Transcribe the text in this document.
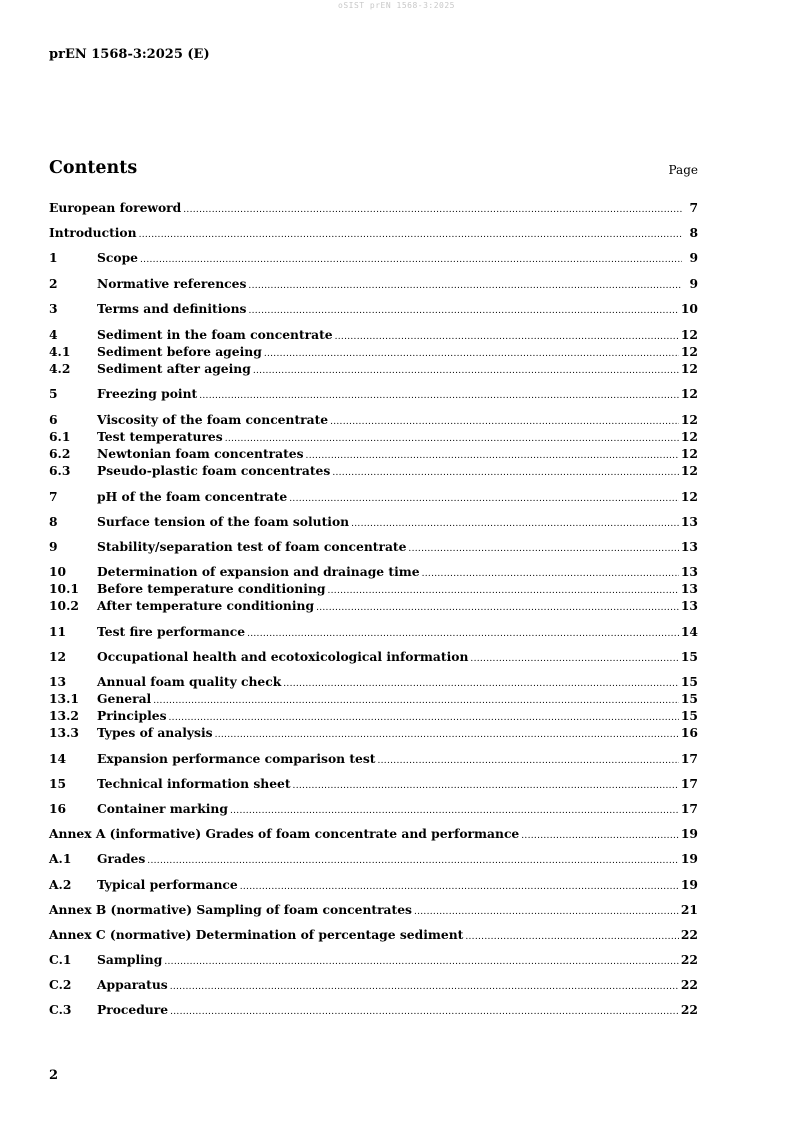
oSIST prEN 1568-3:2025
prEN 1568-3:2025 (E)
Contents	Page
European foreword .....	7
Introduction .....	8
1	Scope .....	9
2	Normative references .....	9
3	Terms and definitions .....	10
4	Sediment in the foam concentrate .....	12
4.1	Sediment before ageing .....	12
4.2	Sediment after ageing .....	12
5	Freezing point .....	12
6	Viscosity of the foam concentrate .....	12
6.1	Test temperatures .....	12
6.2	Newtonian foam concentrates .....	12
6.3	Pseudo-plastic foam concentrates .....	12
7	pH of the foam concentrate .....	12
8	Surface tension of the foam solution .....	13
9	Stability/separation test of foam concentrate .....	13
10	Determination of expansion and drainage time .....	13
10.1	Before temperature conditioning .....	13
10.2	After temperature conditioning .....	13
11	Test fire performance .....	14
12	Occupational health and ecotoxicological information .....	15
13	Annual foam quality check .....	15
13.1	General .....	15
13.2	Principles .....	15
13.3	Types of analysis .....	16
14	Expansion performance comparison test .....	17
15	Technical information sheet .....	17
16	Container marking .....	17
Annex A (informative) Grades of foam concentrate and performance .....	19
A.1	Grades .....	19
A.2	Typical performance .....	19
Annex B (normative) Sampling of foam concentrates .....	21
Annex C (normative) Determination of percentage sediment .....	22
C.1	Sampling .....	22
C.2	Apparatus .....	22
C.3	Procedure .....	22
2
